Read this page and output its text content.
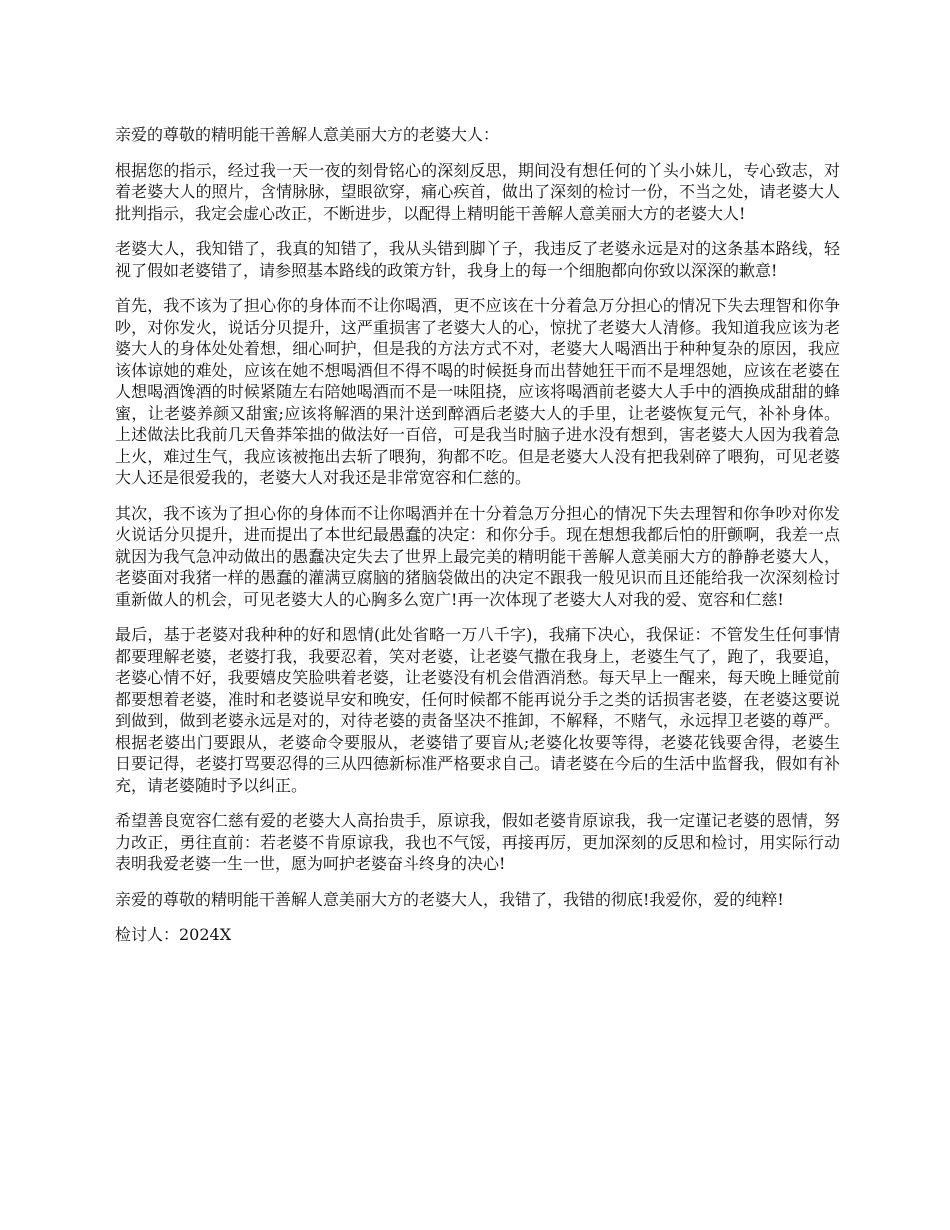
亲爱的尊敬的精明能干善解人意美丽大方的老婆大人：

根据您的指示，经过我一天一夜的刻骨铭心的深刻反思，期间没有想任何的丫头小妹儿，专心致志，对着老婆大人的照片，含情脉脉，望眼欲穿，痛心疾首，做出了深刻的检讨一份，不当之处，请老婆大人批判指示，我定会虚心改正，不断进步，以配得上精明能干善解人意美丽大方的老婆大人!

老婆大人，我知错了，我真的知错了，我从头错到脚丫子，我违反了老婆永远是对的这条基本路线，轻视了假如老婆错了，请参照基本路线的政策方针，我身上的每一个细胞都向你致以深深的歉意!

首先，我不该为了担心你的身体而不让你喝酒，更不应该在十分着急万分担心的情况下失去理智和你争吵，对你发火，说话分贝提升，这严重损害了老婆大人的心，惊扰了老婆大人清修。我知道我应该为老婆大人的身体处处着想，细心呵护，但是我的方法方式不对，老婆大人喝酒出于种种复杂的原因，我应该体谅她的难处，应该在她不想喝酒但不得不喝的时候挺身而出替她狂干而不是埋怨她，应该在老婆在人想喝酒馋酒的时候紧随左右陪她喝酒而不是一味阻挠，应该将喝酒前老婆大人手中的酒换成甜甜的蜂蜜，让老婆养颜又甜蜜;应该将解酒的果汁送到醉酒后老婆大人的手里，让老婆恢复元气，补补身体。上述做法比我前几天鲁莽笨拙的做法好一百倍，可是我当时脑子进水没有想到，害老婆大人因为我着急上火，难过生气，我应该被拖出去斩了喂狗，狗都不吃。但是老婆大人没有把我剁碎了喂狗，可见老婆大人还是很爱我的，老婆大人对我还是非常宽容和仁慈的。

其次，我不该为了担心你的身体而不让你喝酒并在十分着急万分担心的情况下失去理智和你争吵对你发火说话分贝提升，进而提出了本世纪最愚蠢的决定：和你分手。现在想想我都后怕的肝颤啊，我差一点就因为我气急冲动做出的愚蠢决定失去了世界上最完美的精明能干善解人意美丽大方的静静老婆大人，老婆面对我猪一样的愚蠢的灌满豆腐脑的猪脑袋做出的决定不跟我一般见识而且还能给我一次深刻检讨重新做人的机会，可见老婆大人的心胸多么宽广!再一次体现了老婆大人对我的爱、宽容和仁慈!

最后，基于老婆对我种种的好和恩情(此处省略一万八千字)，我痛下决心，我保证：不管发生任何事情都要理解老婆，老婆打我，我要忍着，笑对老婆，让老婆气撒在我身上，老婆生气了，跑了，我要追，老婆心情不好，我要嬉皮笑脸哄着老婆，让老婆没有机会借酒消愁。每天早上一醒来，每天晚上睡觉前都要想着老婆，准时和老婆说早安和晚安，任何时候都不能再说分手之类的话损害老婆，在老婆这要说到做到，做到老婆永远是对的，对待老婆的责备坚决不推卸，不解释，不赌气，永远捍卫老婆的尊严。根据老婆出门要跟从，老婆命令要服从，老婆错了要盲从;老婆化妆要等得，老婆花钱要舍得，老婆生日要记得，老婆打骂要忍得的三从四德新标准严格要求自己。请老婆在今后的生活中监督我，假如有补充，请老婆随时予以纠正。

希望善良宽容仁慈有爱的老婆大人高抬贵手，原谅我，假如老婆肯原谅我，我一定谨记老婆的恩情，努力改正，勇往直前：若老婆不肯原谅我，我也不气馁，再接再厉，更加深刻的反思和检讨，用实际行动表明我爱老婆一生一世，愿为呵护老婆奋斗终身的决心!

亲爱的尊敬的精明能干善解人意美丽大方的老婆大人，我错了，我错的彻底!我爱你，爱的纯粹!

检讨人：2024X
